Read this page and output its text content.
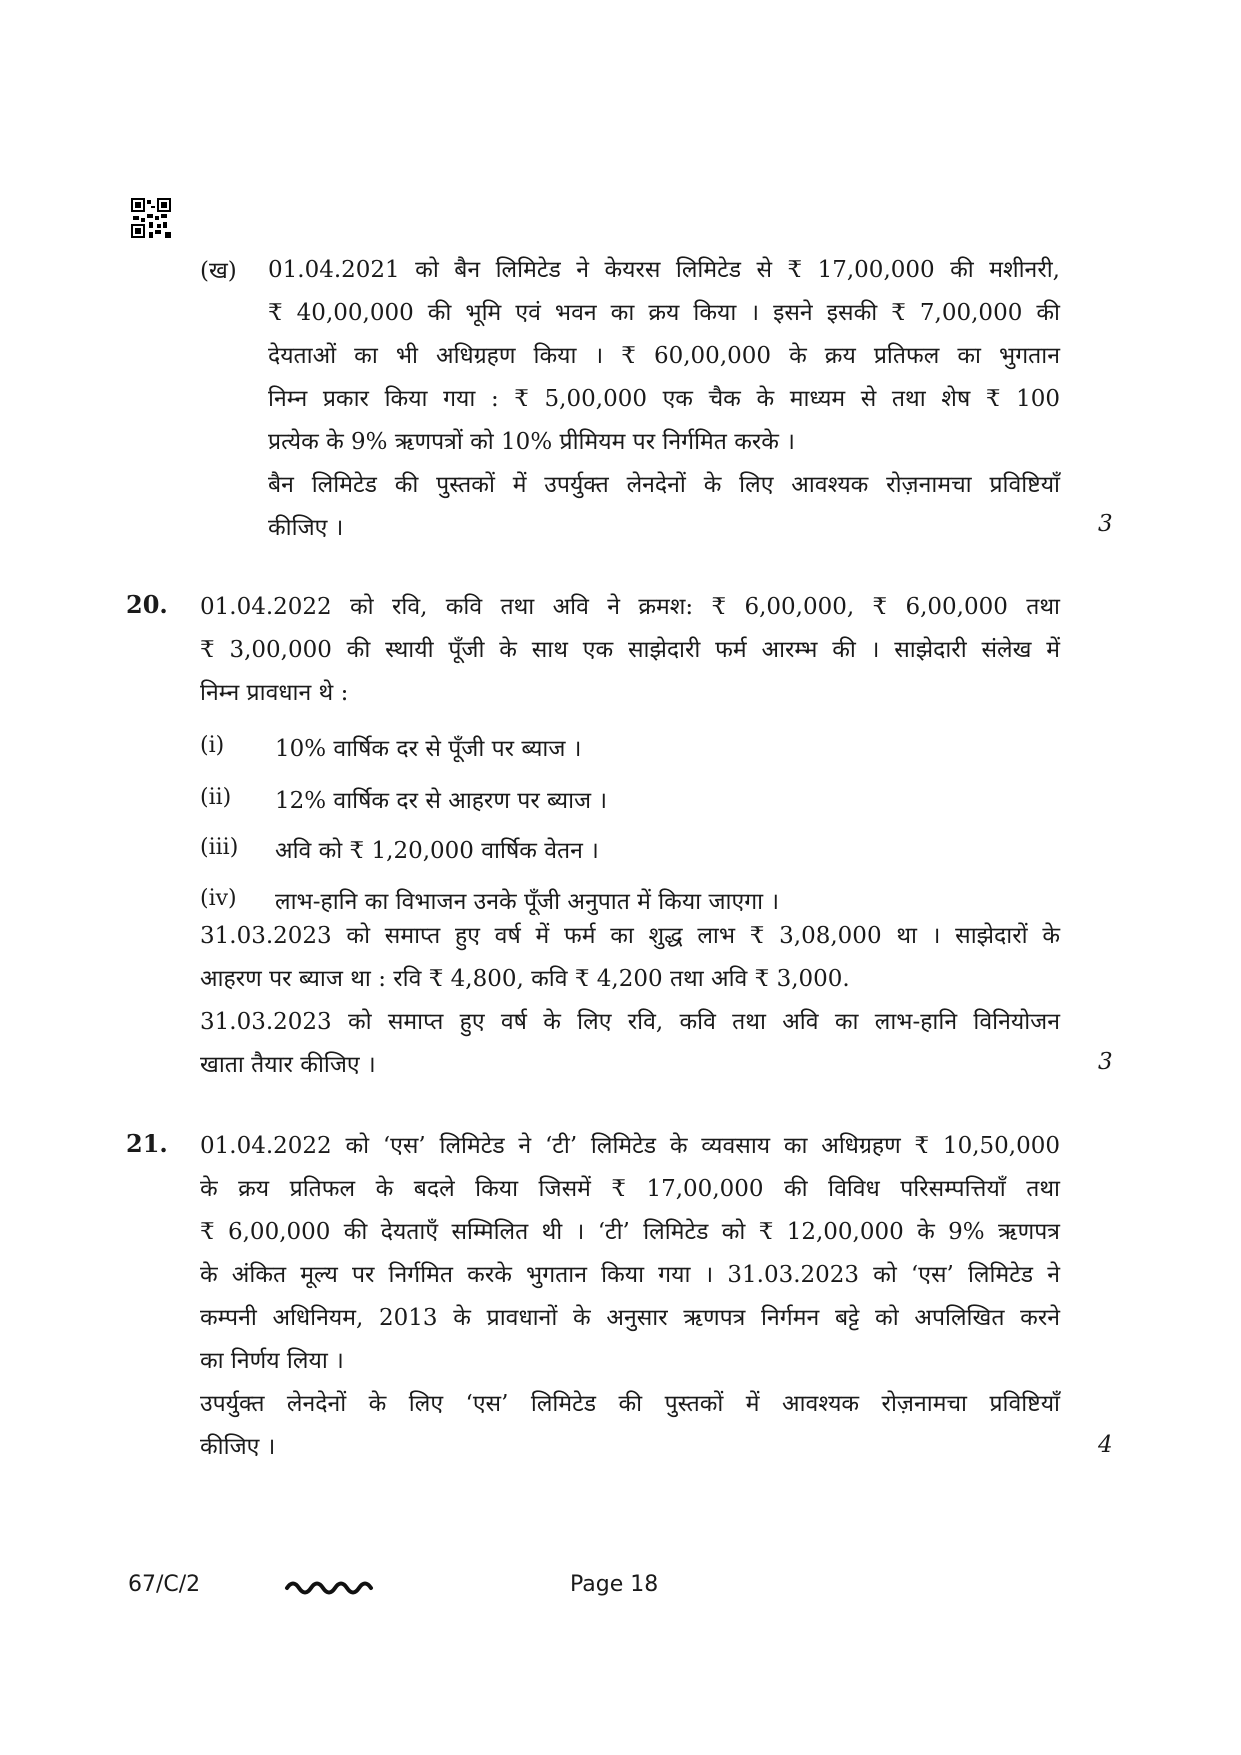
(ख) 01.04.2021 को बैन लिमिटेड ने केयरस लिमिटेड से ₹ 17,00,000 की मशीनरी,
₹ 40,00,000 की भूमि एवं भवन का क्रय किया । इसने इसकी ₹ 7,00,000 की
देयताओं का भी अधिग्रहण किया । ₹ 60,00,000 के क्रय प्रतिफल का भुगतान
निम्न प्रकार किया गया : ₹ 5,00,000 एक चैक के माध्यम से तथा शेष ₹ 100
प्रत्येक के 9% ऋणपत्रों को 10% प्रीमियम पर निर्गमित करके ।
बैन लिमिटेड की पुस्तकों में उपर्युक्त लेनदेनों के लिए आवश्यक रोज़नामचा प्रविष्टियाँ
कीजिए ।	3
20. 01.04.2022 को रवि, कवि तथा अवि ने क्रमश: ₹ 6,00,000, ₹ 6,00,000 तथा
₹ 3,00,000 की स्थायी पूँजी के साथ एक साझेदारी फर्म आरम्भ की । साझेदारी संलेख में
निम्न प्रावधान थे :
(i) 10% वार्षिक दर से पूँजी पर ब्याज ।
(ii) 12% वार्षिक दर से आहरण पर ब्याज ।
(iii) अवि को ₹ 1,20,000 वार्षिक वेतन ।
(iv) लाभ-हानि का विभाजन उनके पूँजी अनुपात में किया जाएगा ।
31.03.2023 को समाप्त हुए वर्ष में फर्म का शुद्ध लाभ ₹ 3,08,000 था । साझेदारों के
आहरण पर ब्याज था : रवि ₹ 4,800, कवि ₹ 4,200 तथा अवि ₹ 3,000.
31.03.2023 को समाप्त हुए वर्ष के लिए रवि, कवि तथा अवि का लाभ-हानि विनियोजन
खाता तैयार कीजिए ।	3
21. 01.04.2022 को ‘एस’ लिमिटेड ने ‘टी’ लिमिटेड के व्यवसाय का अधिग्रहण ₹ 10,50,000
के क्रय प्रतिफल के बदले किया जिसमें ₹ 17,00,000 की विविध परिसम्पत्तियाँ तथा
₹ 6,00,000 की देयताएँ सम्मिलित थी । ‘टी’ लिमिटेड को ₹ 12,00,000 के 9% ऋणपत्र
के अंकित मूल्य पर निर्गमित करके भुगतान किया गया । 31.03.2023 को ‘एस’ लिमिटेड ने
कम्पनी अधिनियम, 2013 के प्रावधानों के अनुसार ऋणपत्र निर्गमन बट्टे को अपलिखित करने
का निर्णय लिया ।
उपर्युक्त लेनदेनों के लिए ‘एस’ लिमिटेड की पुस्तकों में आवश्यक रोज़नामचा प्रविष्टियाँ
कीजिए ।	4
67/C/2	Page 18
